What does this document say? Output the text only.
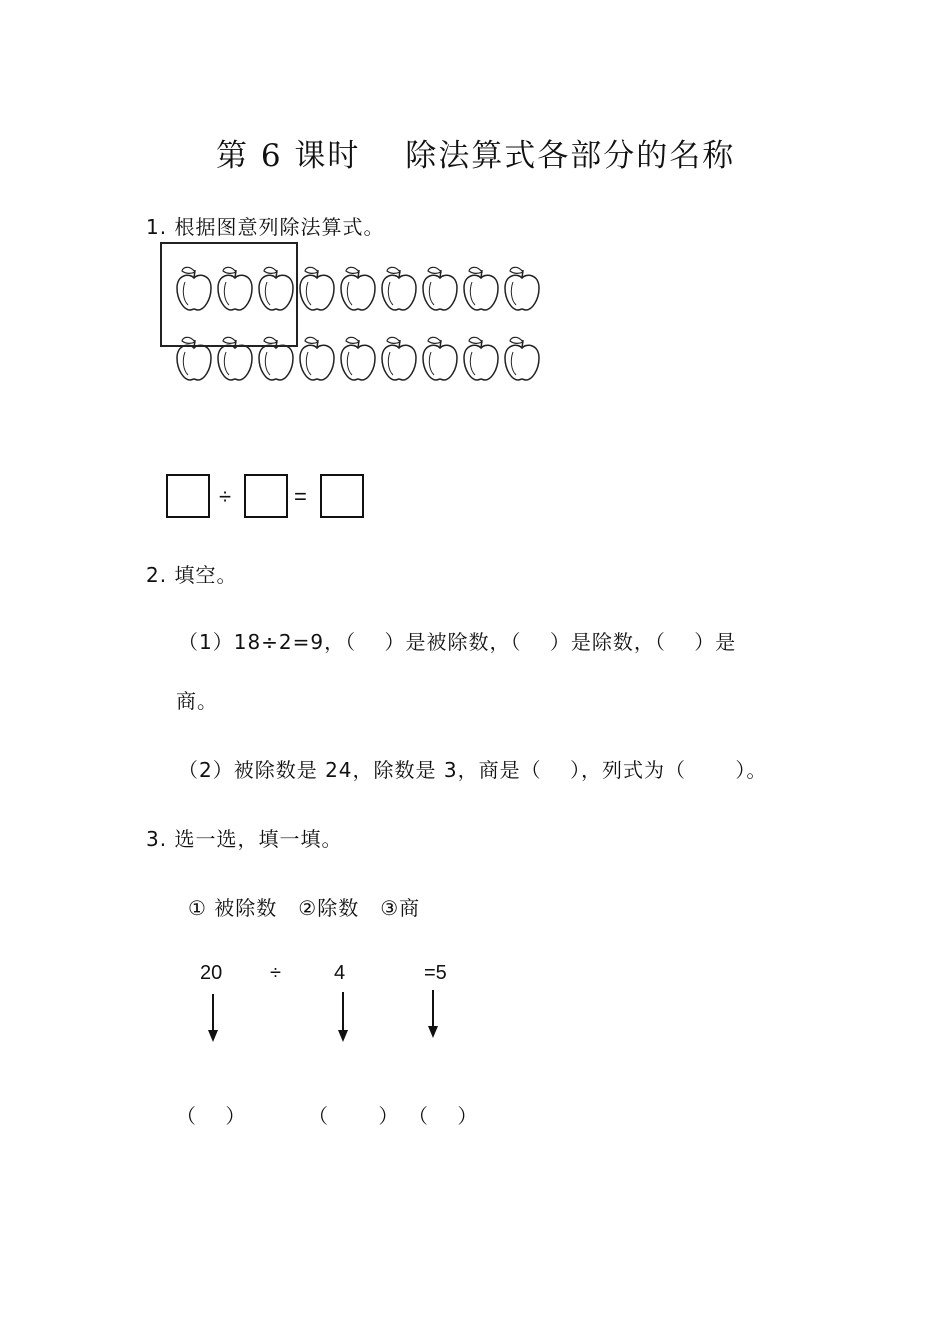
第 6 课时　 除法算式各部分的名称
1. 根据图意列除法算式。
÷	=
2. 填空。
（1）18÷2=9，（　 ）是被除数，（　 ）是除数，（　 ）是
商。
（2）被除数是 24，除数是 3，商是（　 ），列式为（　　 ）。
3. 选一选，填一填。
① 被除数　②除数　③商
20 ÷	4	=5
（　 ）	（　　 ） （　 ）
